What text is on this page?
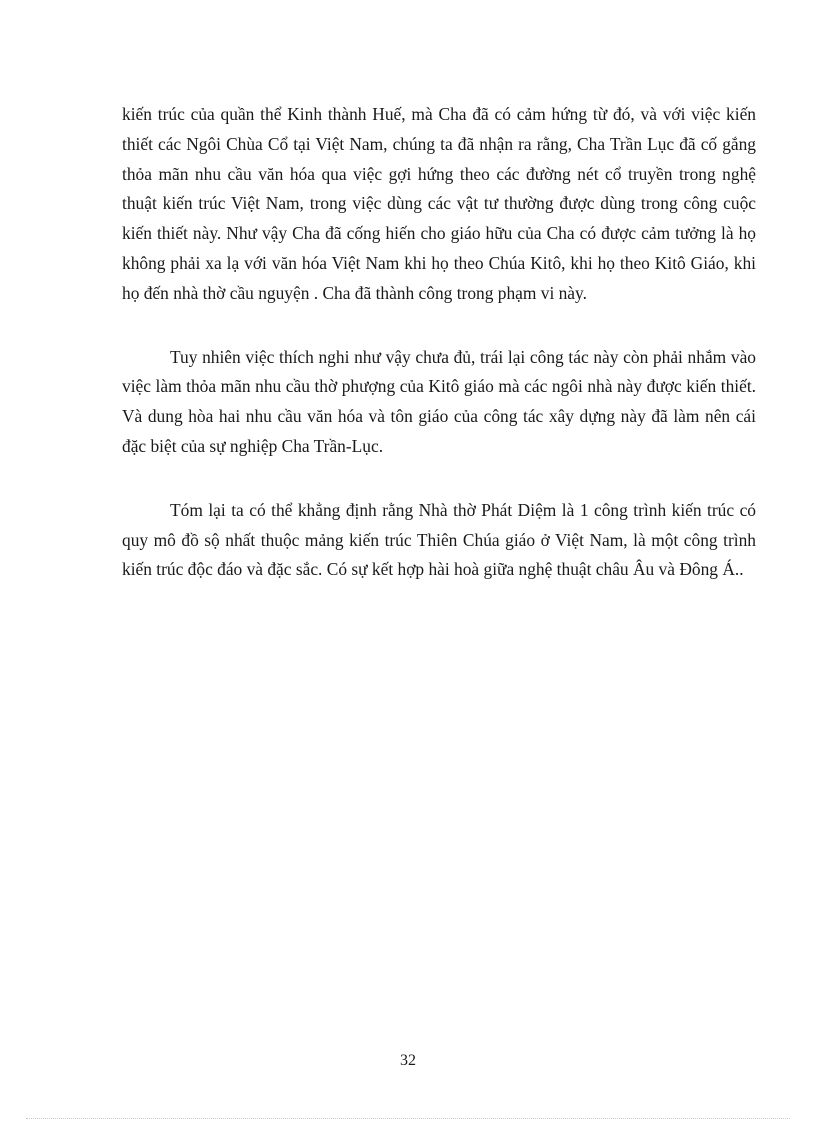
kiến trúc của quần thể Kinh thành Huế, mà Cha đã có cảm hứng từ đó, và với việc kiến thiết các Ngôi Chùa Cổ tại Việt Nam, chúng ta đã nhận ra rằng, Cha Trần Lục đã cố gắng thỏa mãn nhu cầu văn hóa qua việc gợi hứng theo các đường nét cổ truyền trong nghệ thuật kiến trúc Việt Nam, trong việc dùng các vật tư thường được dùng trong công cuộc kiến thiết này. Như vậy Cha đã cống hiến cho giáo hữu của Cha có được cảm tưởng là họ không phải xa lạ với văn hóa Việt Nam khi họ theo Chúa Kitô, khi họ theo Kitô Giáo, khi họ đến nhà thờ cầu nguyện . Cha đã thành công trong phạm vi này.

Tuy nhiên việc thích nghi như vậy chưa đủ, trái lại công tác này còn phải nhắm vào việc làm thỏa mãn nhu cầu thờ phượng của Kitô giáo mà các ngôi nhà này được kiến thiết. Và dung hòa hai nhu cầu văn hóa và tôn giáo của công tác xây dựng này đã làm nên cái đặc biệt của sự nghiệp Cha Trần-Lục.

Tóm lại ta có thể khẳng định rằng Nhà thờ Phát Diệm là 1 công trình kiến trúc có quy mô đồ sộ nhất thuộc mảng kiến trúc Thiên Chúa giáo ở Việt Nam, là một công trình kiến trúc độc đáo và đặc sắc. Có sự kết hợp hài hoà giữa nghệ thuật châu Âu và Đông Á..

32
